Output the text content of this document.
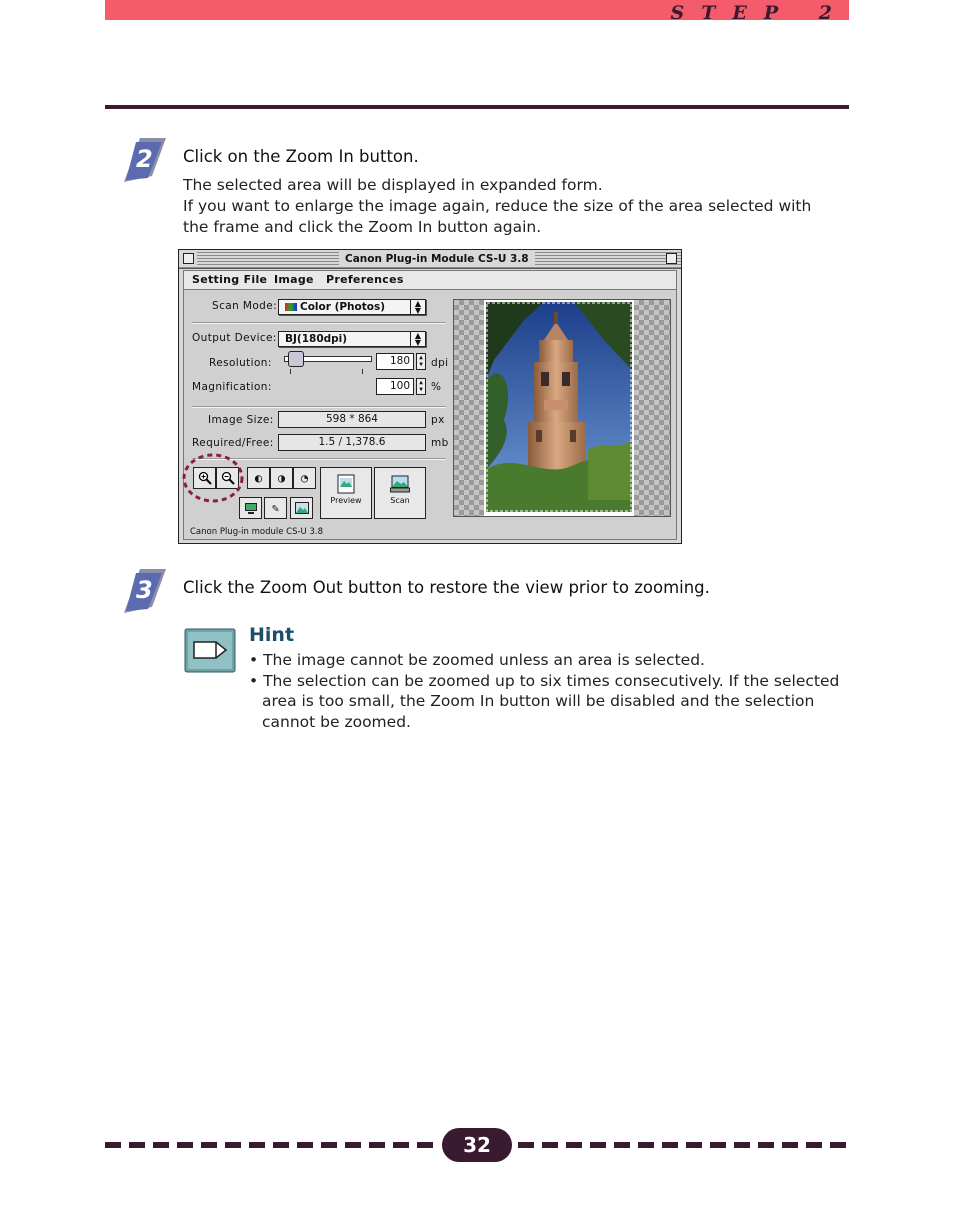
STEP 2
2 Click on the Zoom In button.
The selected area will be displayed in expanded form.
If you want to enlarge the image again, reduce the size of the area selected with
the frame and click the Zoom In button again.
Canon Plug-in Module CS-U 3.8
Setting File Image Preferences
Scan Mode:	Color (Photos)	▲
▼
Output Device: BJ(180dpi)	▲
▼
Resolution:	180	▲
▼ dpi
Magnification:	100	▲
▼ %
Image Size:	598 * 864	px
Required/Free:	1.5 / 1,378.6	mb
◐	◑	◔
✎
Preview	Scan
Canon Plug-in module CS-U 3.8
3 Click the Zoom Out button to restore the view prior to zooming.
Hint
• The image cannot be zoomed unless an area is selected.
• The selection can be zoomed up to six times consecutively. If the selected
area is too small, the Zoom In button will be disabled and the selection
cannot be zoomed.
32
